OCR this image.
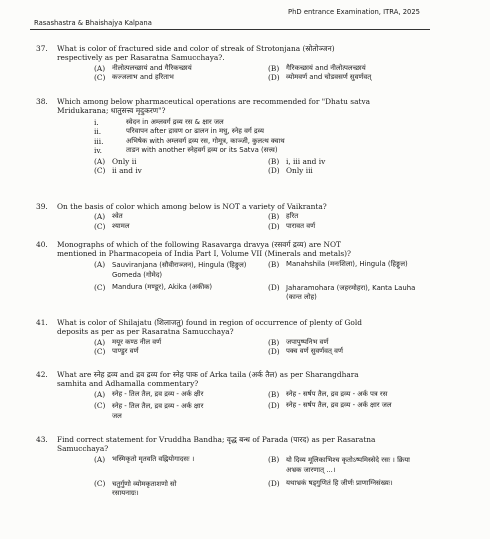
PhD entrance Examination, ITRA, 2025
Rasashastra & Bhaishajya Kalpana
37.	What is color of fractured side and color of streak of Strotonjana (स्रोतोञ्जन)
respectively as per Rasaratna Samucchaya?.
(A) नीलोत्पलच्छायं and गैरिकच्छायं	(B) गैरिकच्छायं and नीलोत्पलच्छायं
(C) कज्जलाभ and हरिताभ	(D) व्योमवर्ण and चोडवसर्ण सुवर्णवत्
38.	Which among below pharmaceutical operations are recommended for "Dhatu satva
Mridukarana; धातुसत्त्व मृदुकरण"?
i.	स्वेदन in अम्लवर्ग द्रव्य रस & क्षार जल
ii.	परिवापन after द्रावण or ढालन in मधु, स्नेह वर्ग द्रव्य
iii.	अभिषेक with अम्लवर्ग द्रव्य रस, गोमूत्र, काञ्जी, कुलत्थ क्वाथ
iv.	ताडन with another स्नेहवर्ग द्रव्य or its Satva (सत्त्व)
(A) Only ii	(B) i, iii and iv
(C) ii and iv	(D) Only iii
39.	On the basis of color which among below is NOT a variety of Vaikranta?
(A) श्वेत	(B) हरित
(C) श्यामल	(D) पारावत वर्ण
40.	Monographs of which of the following Rasavarga dravya (रसवर्ग द्रव्य) are NOT
mentioned in Pharmacopeia of India Part I, Volume VII (Minerals and metals)?
(A) Sauviranjana (सौवीराञ्जन), Hingula (हिङ्गुल)
Gomeda (गोमेद)
(B) Manahshila (मनःशिला), Hingula (हिङ्गुल)
(C) Mandura (मण्डूर), Akika (अकीक)	(D) Jaharamohara (जहरमोहरा), Kanta Lauha
(कान्त लोह)
41.	What is color of Shilajatu (शिलाजतु) found in region of occurrence of plenty of Gold
deposits as per as per Rasaratna Samucchaya?
(A) मयूर कण्ठ नील वर्ण	(B) जपापुष्पनिभ वर्ण
(C) पाण्डुर वर्ण	(D) पक्व वर्ण सुवर्णवत् वर्ण
42.	What are स्नेह द्रव्य and द्रव द्रव्य for स्नेह पाक of Arka taila (अर्क तैल) as per Sharangdhara
samhita and Adhamalla commentary?
(A) स्नेह - तिल तैल, द्रव द्रव्य - अर्क क्षीर	(B) स्नेह - सर्षप तैल, द्रव द्रव्य - अर्क पत्र रस
(C) स्नेह - तिल तैल, द्रव द्रव्य - अर्क क्षार
जल
(D) स्नेह - सर्षप तैल, द्रव द्रव्य - अर्क क्षार जल
43.	Find correct statement for Vruddha Bandha; वृद्ध बन्ध of Parada (पारद) as per Rasaratna
Samucchaya?
(A) भस्मिकृतो मृतवति वह्नियोगादसः ।	(B) यो दिव्य मूलिकाभिश्च कृतोऽष्पमिस्सेदे रसः । क्रिया
अभ्रक जारणात् ...।
(C) चतुर्गुणो व्योमकृताशणो सो
रसायनाग्रः।
(D) यथाभ्रकं षड्गुणितं हि जीर्णः प्राणाग्निसंख्यः।
